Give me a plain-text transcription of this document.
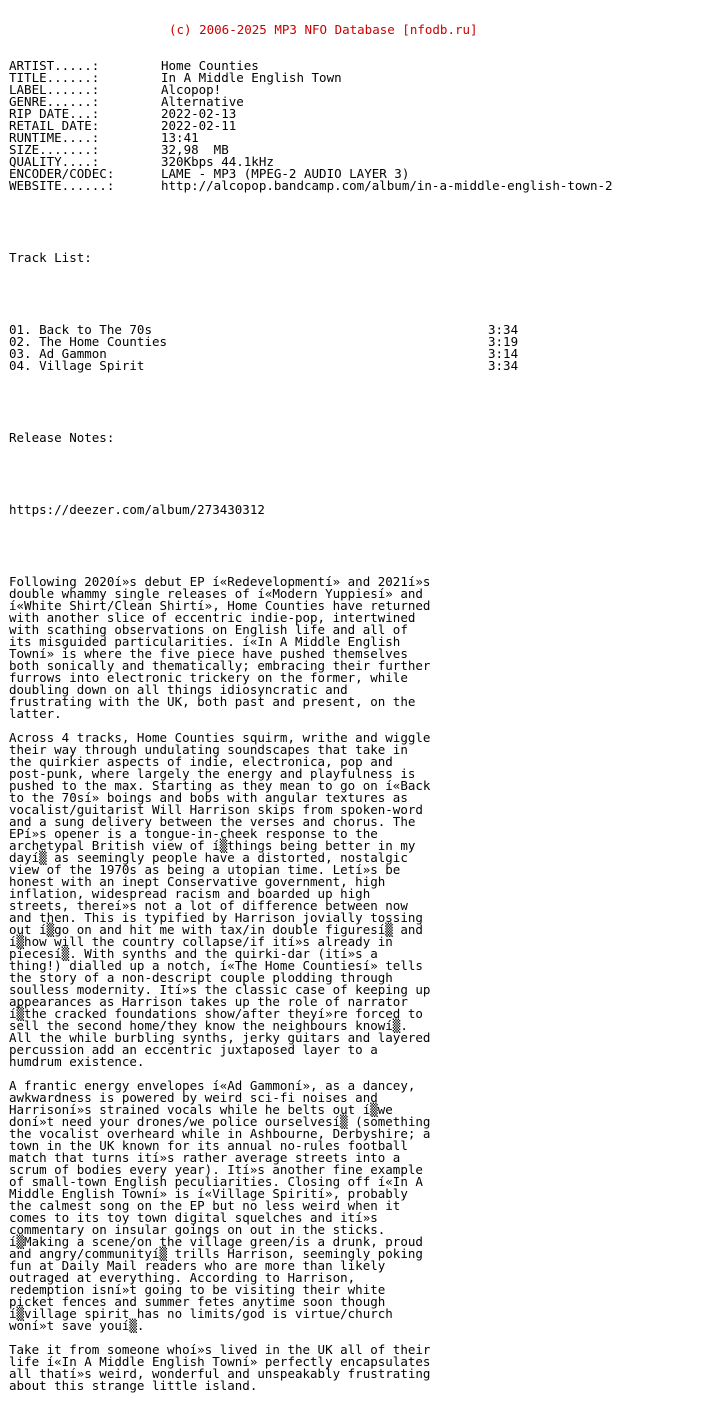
(c) 2006-2025 MP3 NFO Database [nfodb.ru]

ARTIST.....:	Home Counties
TITLE......:	In A Middle English Town
LABEL......:	Alcopop!
GENRE......:	Alternative
RIP DATE...:	2022-02-13
RETAIL DATE:	2022-02-11
RUNTIME....:	13:41
SIZE.......:	32,98  MB
QUALITY....:	320Kbps 44.1kHz
ENCODER/CODEC:	LAME - MP3 (MPEG-2 AUDIO LAYER 3)
WEBSITE......:	http://alcopop.bandcamp.com/album/in-a-middle-english-town-2

Track List:

01. Back to The 70s	3:34
02. The Home Counties	3:19
03. Ad Gammon	3:14
04. Village Spirit	3:34

Release Notes:

https://deezer.com/album/273430312

Following 2020í»s debut EP í«Redevelopmentí» and 2021í»s
double whammy single releases of í«Modern Yuppiesí» and
í«White Shirt/Clean Shirtí», Home Counties have returned
with another slice of eccentric indie-pop, intertwined
with scathing observations on English life and all of
its misguided particularities. í«In A Middle English
Towní» is where the five piece have pushed themselves
both sonically and thematically; embracing their further
furrows into electronic trickery on the former, while
doubling down on all things idiosyncratic and
frustrating with the UK, both past and present, on the
latter.
Across 4 tracks, Home Counties squirm, writhe and wiggle
their way through undulating soundscapes that take in
the quirkier aspects of indie, electronica, pop and
post-punk, where largely the energy and playfulness is
pushed to the max. Starting as they mean to go on í«Back
to the 70sí» boings and bobs with angular textures as
vocalist/guitarist Will Harrison skips from spoken-word
and a sung delivery between the verses and chorus. The
EPí»s opener is a tongue-in-cheek response to the
archetypal British view of í▒things being better in my
dayí▒ as seemingly people have a distorted, nostalgic
view of the 1970s as being a utopian time. Letí»s be
honest with an inept Conservative government, high
inflation, widespread racism and boarded up high
streets, thereí»s not a lot of difference between now
and then. This is typified by Harrison jovially tossing
out í▒go on and hit me with tax/in double figuresí▒ and
í▒how will the country collapse/if ití»s already in
piecesí▒. With synths and the quirki-dar (ití»s a
thing!) dialled up a notch, í«The Home Countiesí» tells
the story of a non-descript couple plodding through
soulless modernity. Ití»s the classic case of keeping up
appearances as Harrison takes up the role of narrator
í▒the cracked foundations show/after theyí»re forced to
sell the second home/they know the neighbours knowí▒.
All the while burbling synths, jerky guitars and layered
percussion add an eccentric juxtaposed layer to a
humdrum existence.
A frantic energy envelopes í«Ad Gammoní», as a dancey,
awkwardness is powered by weird sci-fi noises and
Harrisoní»s strained vocals while he belts out í▒we
doní»t need your drones/we police ourselvesí▒ (something
the vocalist overheard while in Ashbourne, Derbyshire; a
town in the UK known for its annual no-rules football
match that turns ití»s rather average streets into a
scrum of bodies every year). Ití»s another fine example
of small-town English peculiarities. Closing off í«In A
Middle English Towní» is í«Village Spirití», probably
the calmest song on the EP but no less weird when it
comes to its toy town digital squelches and ití»s
commentary on insular goings on out in the sticks.
í▒Making a scene/on the village green/is a drunk, proud
and angry/communityí▒ trills Harrison, seemingly poking
fun at Daily Mail readers who are more than likely
outraged at everything. According to Harrison,
redemption isní»t going to be visiting their white
picket fences and summer fetes anytime soon though
í▒village spirit has no limits/god is virtue/church
woní»t save youí▒.
Take it from someone whoí»s lived in the UK all of their
life í«In A Middle English Towní» perfectly encapsulates
all thatí»s weird, wonderful and unspeakably frustrating
about this strange little island.
